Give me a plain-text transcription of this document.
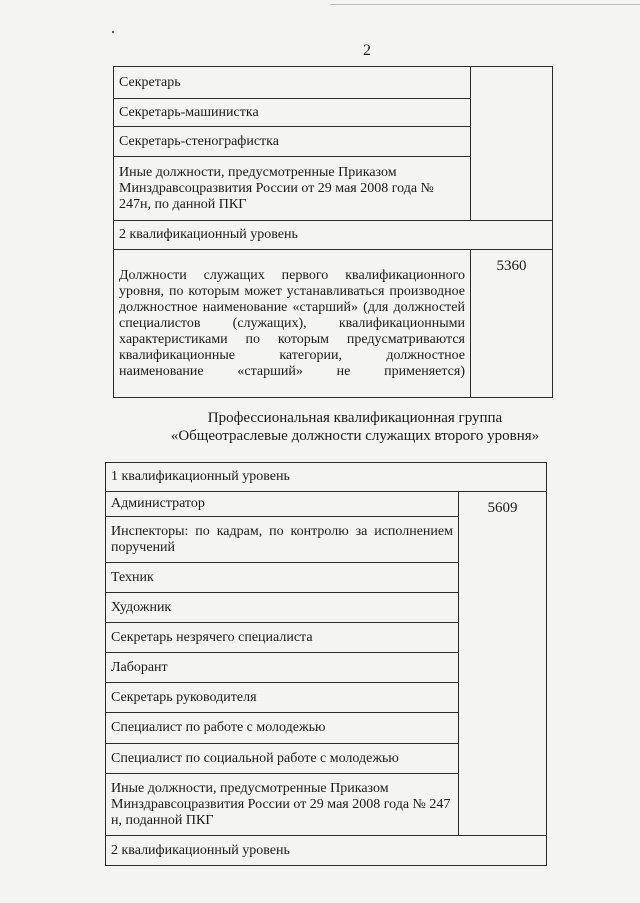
2
Секретарь	
Секретарь-машинистка	
Секретарь-стенографистка	
Иные должности, предусмотренные Приказом Минздравсоцразвития России от 29 мая 2008 года № 247н, по данной ПКГ	
2 квалификационный уровень	
Должности служащих первого квалификационного уровня, по которым может устанавливаться производное должностное наименование «старший» (для должностей специалистов (служащих), квалификационными характеристиками по которым предусматриваются квалификационные категории, должностное наименование «старший» не применяется)	5360
Профессиональная квалификационная группа
«Общеотраслевые должности служащих второго уровня»
1 квалификационный уровень
Администратор	5609
Инспекторы: по кадрам, по контролю за исполнением поручений
Техник
Художник
Секретарь незрячего специалиста
Лаборант
Секретарь руководителя
Специалист по работе с молодежью
Специалист по социальной работе с молодежью
Иные должности, предусмотренные Приказом Минздравсоцразвития России от 29 мая 2008 года № 247 н, поданной ПКГ
2 квалификационный уровень
